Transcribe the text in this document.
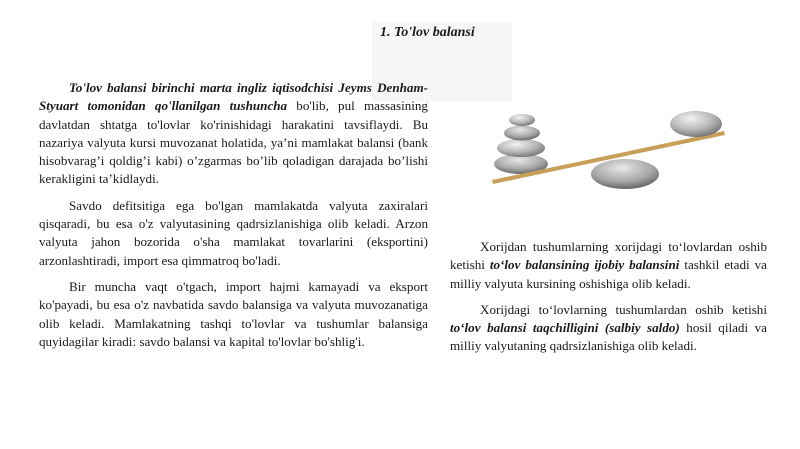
1. To'lov balansi

To'lov balansi birinchi marta ingliz iqtisodchisi Jeyms Denham-Styuart tomonidan qo'llanilgan tushuncha bo'lib, pul massasining davlatdan shtatga to'lovlar ko'rinishidagi harakatini tavsiflaydi. Bu nazariya valyuta kursi muvozanat holatida, ya’ni mamlakat balansi (bank hisobvarag’i qoldig’i kabi) o’zgarmas bo’lib qoladigan darajada bo’lishi kerakligini ta’kidlaydi.

Savdo defitsitiga ega bo'lgan mamlakatda valyuta zaxiralari qisqaradi, bu esa o'z valyutasining qadrsizlanishiga olib keladi. Arzon valyuta jahon bozorida o'sha mamlakat tovarlarini (eksportini) arzonlashtiradi, import esa qimmatroq bo'ladi.

Bir muncha vaqt o'tgach, import hajmi kamayadi va eksport ko'payadi, bu esa o'z navbatida savdo balansiga va valyuta muvozanatiga olib keladi. Mamlakatning tashqi to'lovlar va tushumlar balansiga quyidagilar kiradi: savdo balansi va kapital to'lovlar bo'shlig'i.

Xorijdan tushumlarning xorijdagi to‘lovlardan oshib ketishi to‘lov balansining ijobiy balansini tashkil etadi va milliy valyuta kursining oshishiga olib keladi.

Xorijdagi to‘lovlarning tushumlardan oshib ketishi to‘lov balansi taqchilligini (salbiy saldo) hosil qiladi va milliy valyutaning qadrsizlanishiga olib keladi.
